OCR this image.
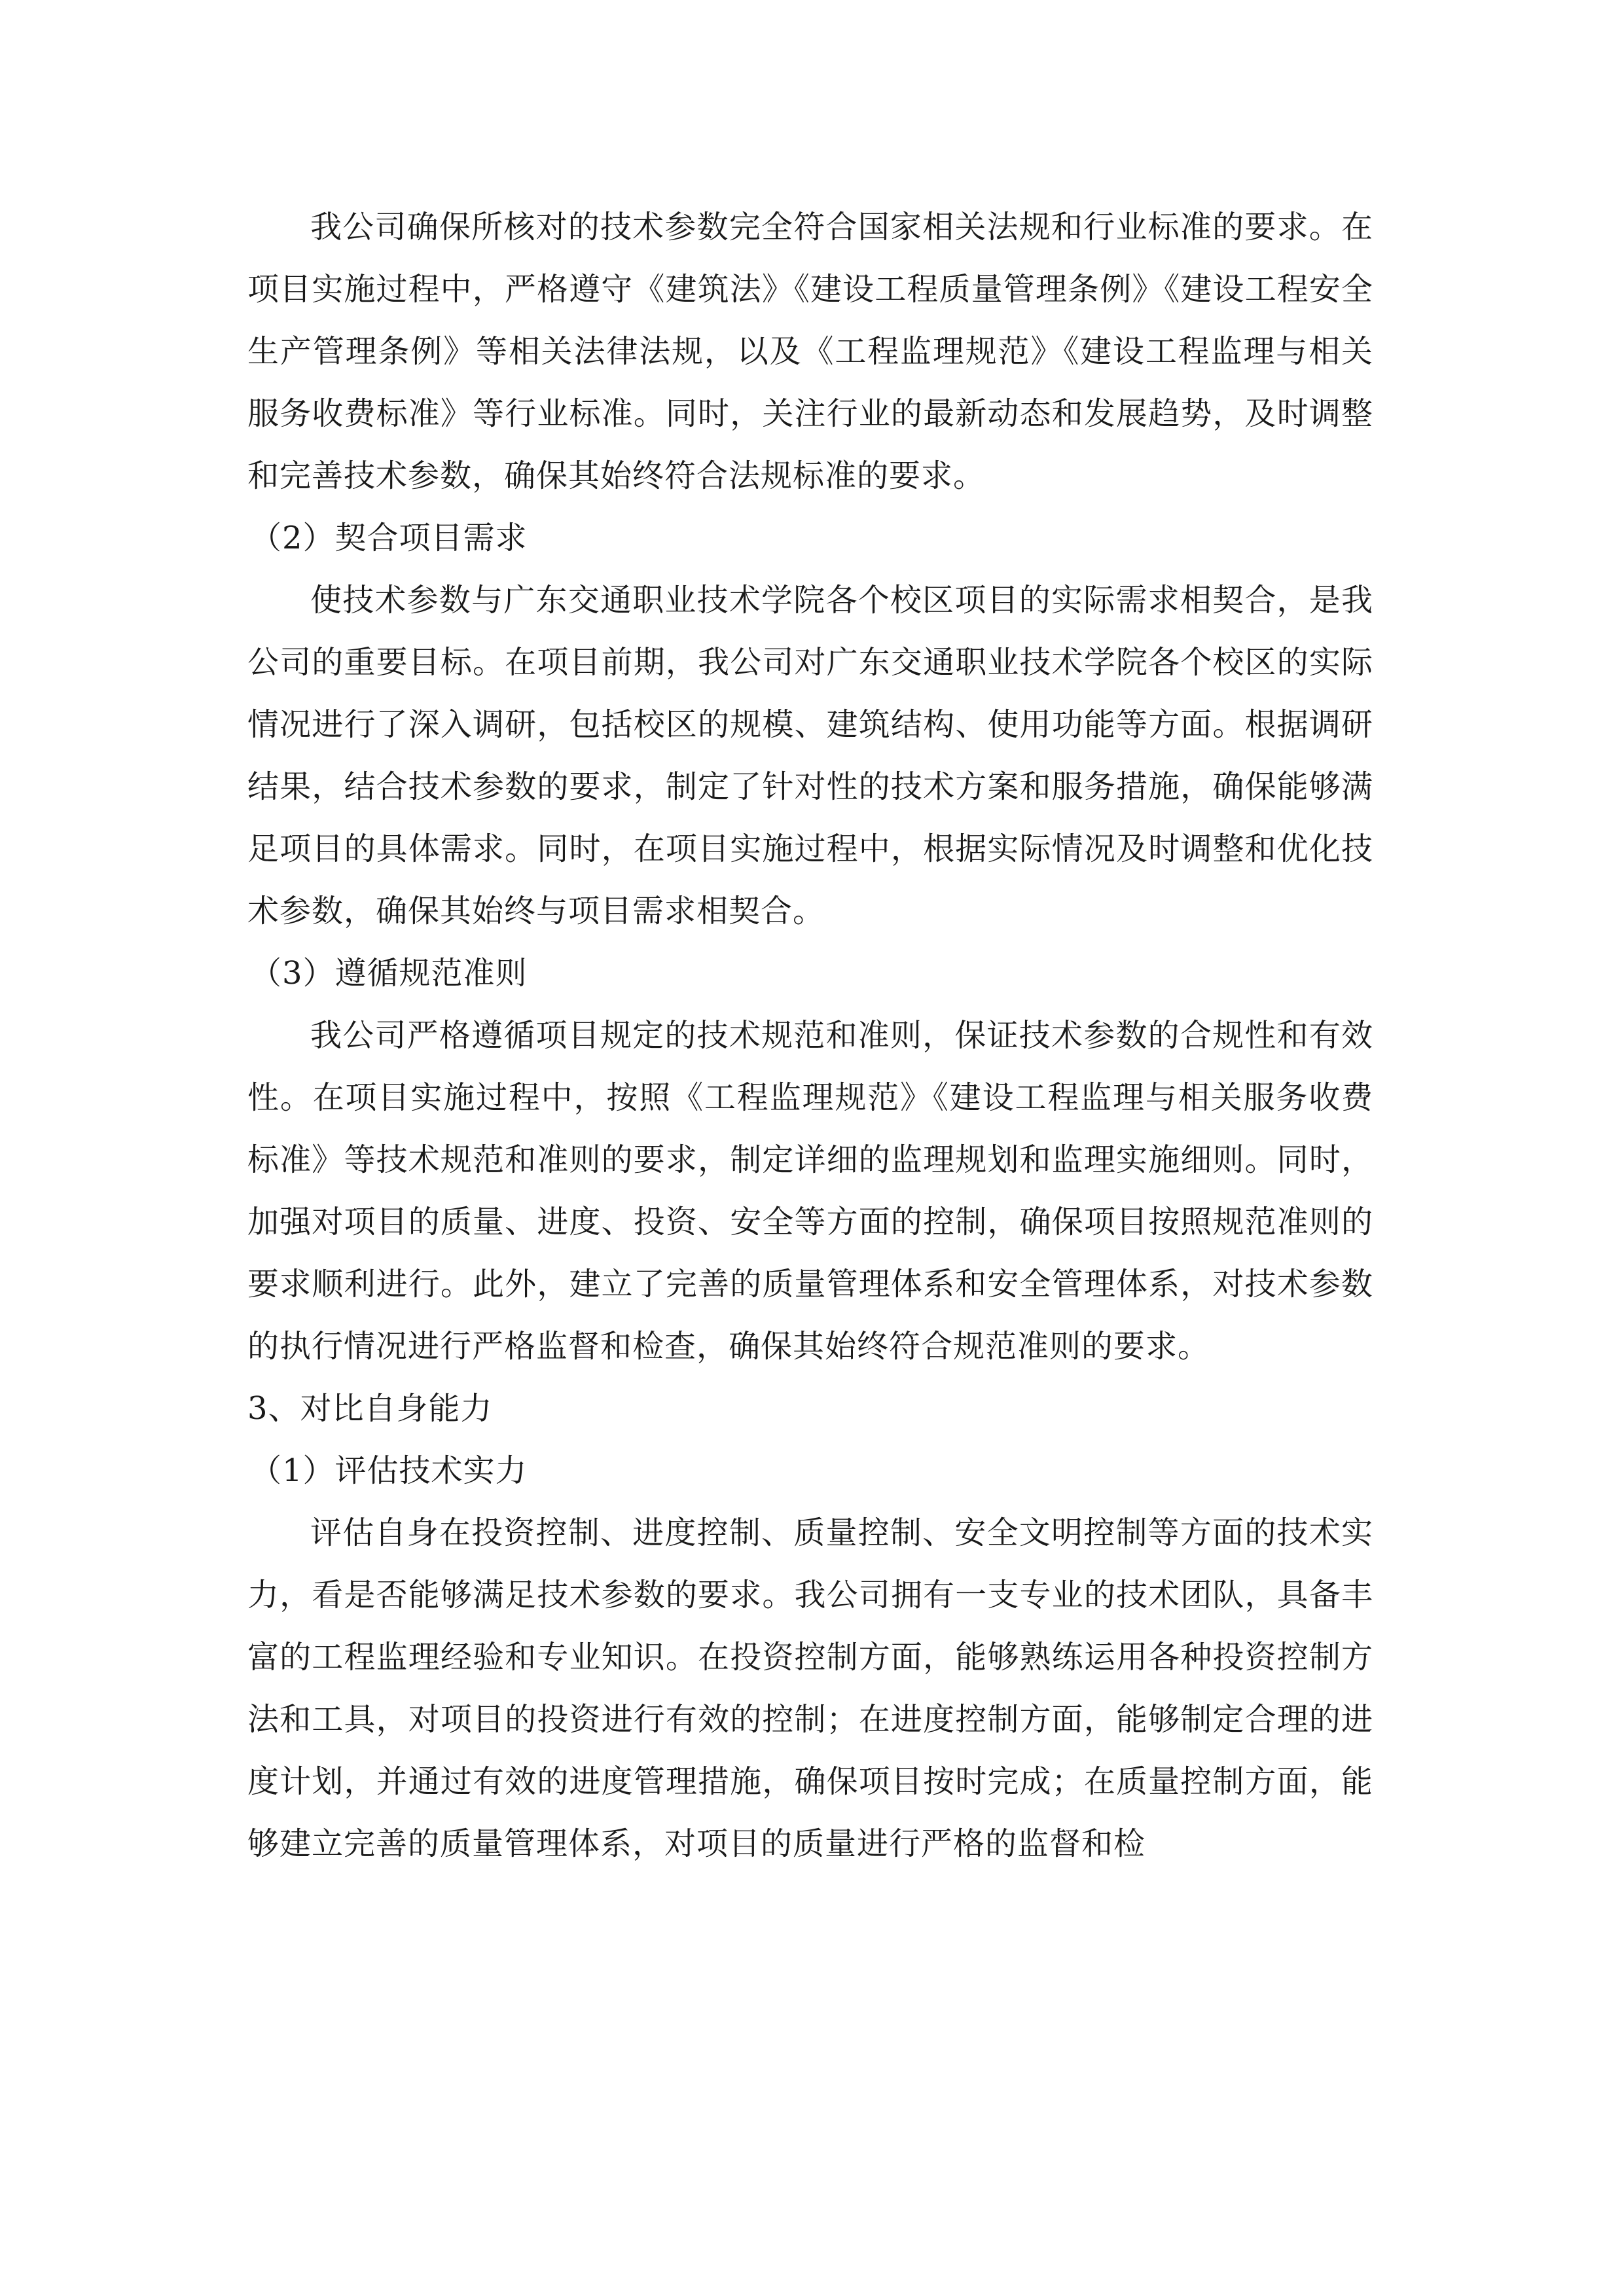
我公司确保所核对的技术参数完全符合国家相关法规和行业标准的要求。在项目实施过程中，严格遵守《建筑法》《建设工程质量管理条例》《建设工程安全生产管理条例》等相关法律法规，以及《工程监理规范》《建设工程监理与相关服务收费标准》等行业标准。同时，关注行业的最新动态和发展趋势，及时调整和完善技术参数，确保其始终符合法规标准的要求。

（2）契合项目需求

使技术参数与广东交通职业技术学院各个校区项目的实际需求相契合，是我公司的重要目标。在项目前期，我公司对广东交通职业技术学院各个校区的实际情况进行了深入调研，包括校区的规模、建筑结构、使用功能等方面。根据调研结果，结合技术参数的要求，制定了针对性的技术方案和服务措施，确保能够满足项目的具体需求。同时，在项目实施过程中，根据实际情况及时调整和优化技术参数，确保其始终与项目需求相契合。

（3）遵循规范准则

我公司严格遵循项目规定的技术规范和准则，保证技术参数的合规性和有效性。在项目实施过程中，按照《工程监理规范》《建设工程监理与相关服务收费标准》等技术规范和准则的要求，制定详细的监理规划和监理实施细则。同时，加强对项目的质量、进度、投资、安全等方面的控制，确保项目按照规范准则的要求顺利进行。此外，建立了完善的质量管理体系和安全管理体系，对技术参数的执行情况进行严格监督和检查，确保其始终符合规范准则的要求。

3、对比自身能力

（1）评估技术实力

评估自身在投资控制、进度控制、质量控制、安全文明控制等方面的技术实力，看是否能够满足技术参数的要求。我公司拥有一支专业的技术团队，具备丰富的工程监理经验和专业知识。在投资控制方面，能够熟练运用各种投资控制方法和工具，对项目的投资进行有效的控制；在进度控制方面，能够制定合理的进度计划，并通过有效的进度管理措施，确保项目按时完成；在质量控制方面，能够建立完善的质量管理体系，对项目的质量进行严格的监督和检
